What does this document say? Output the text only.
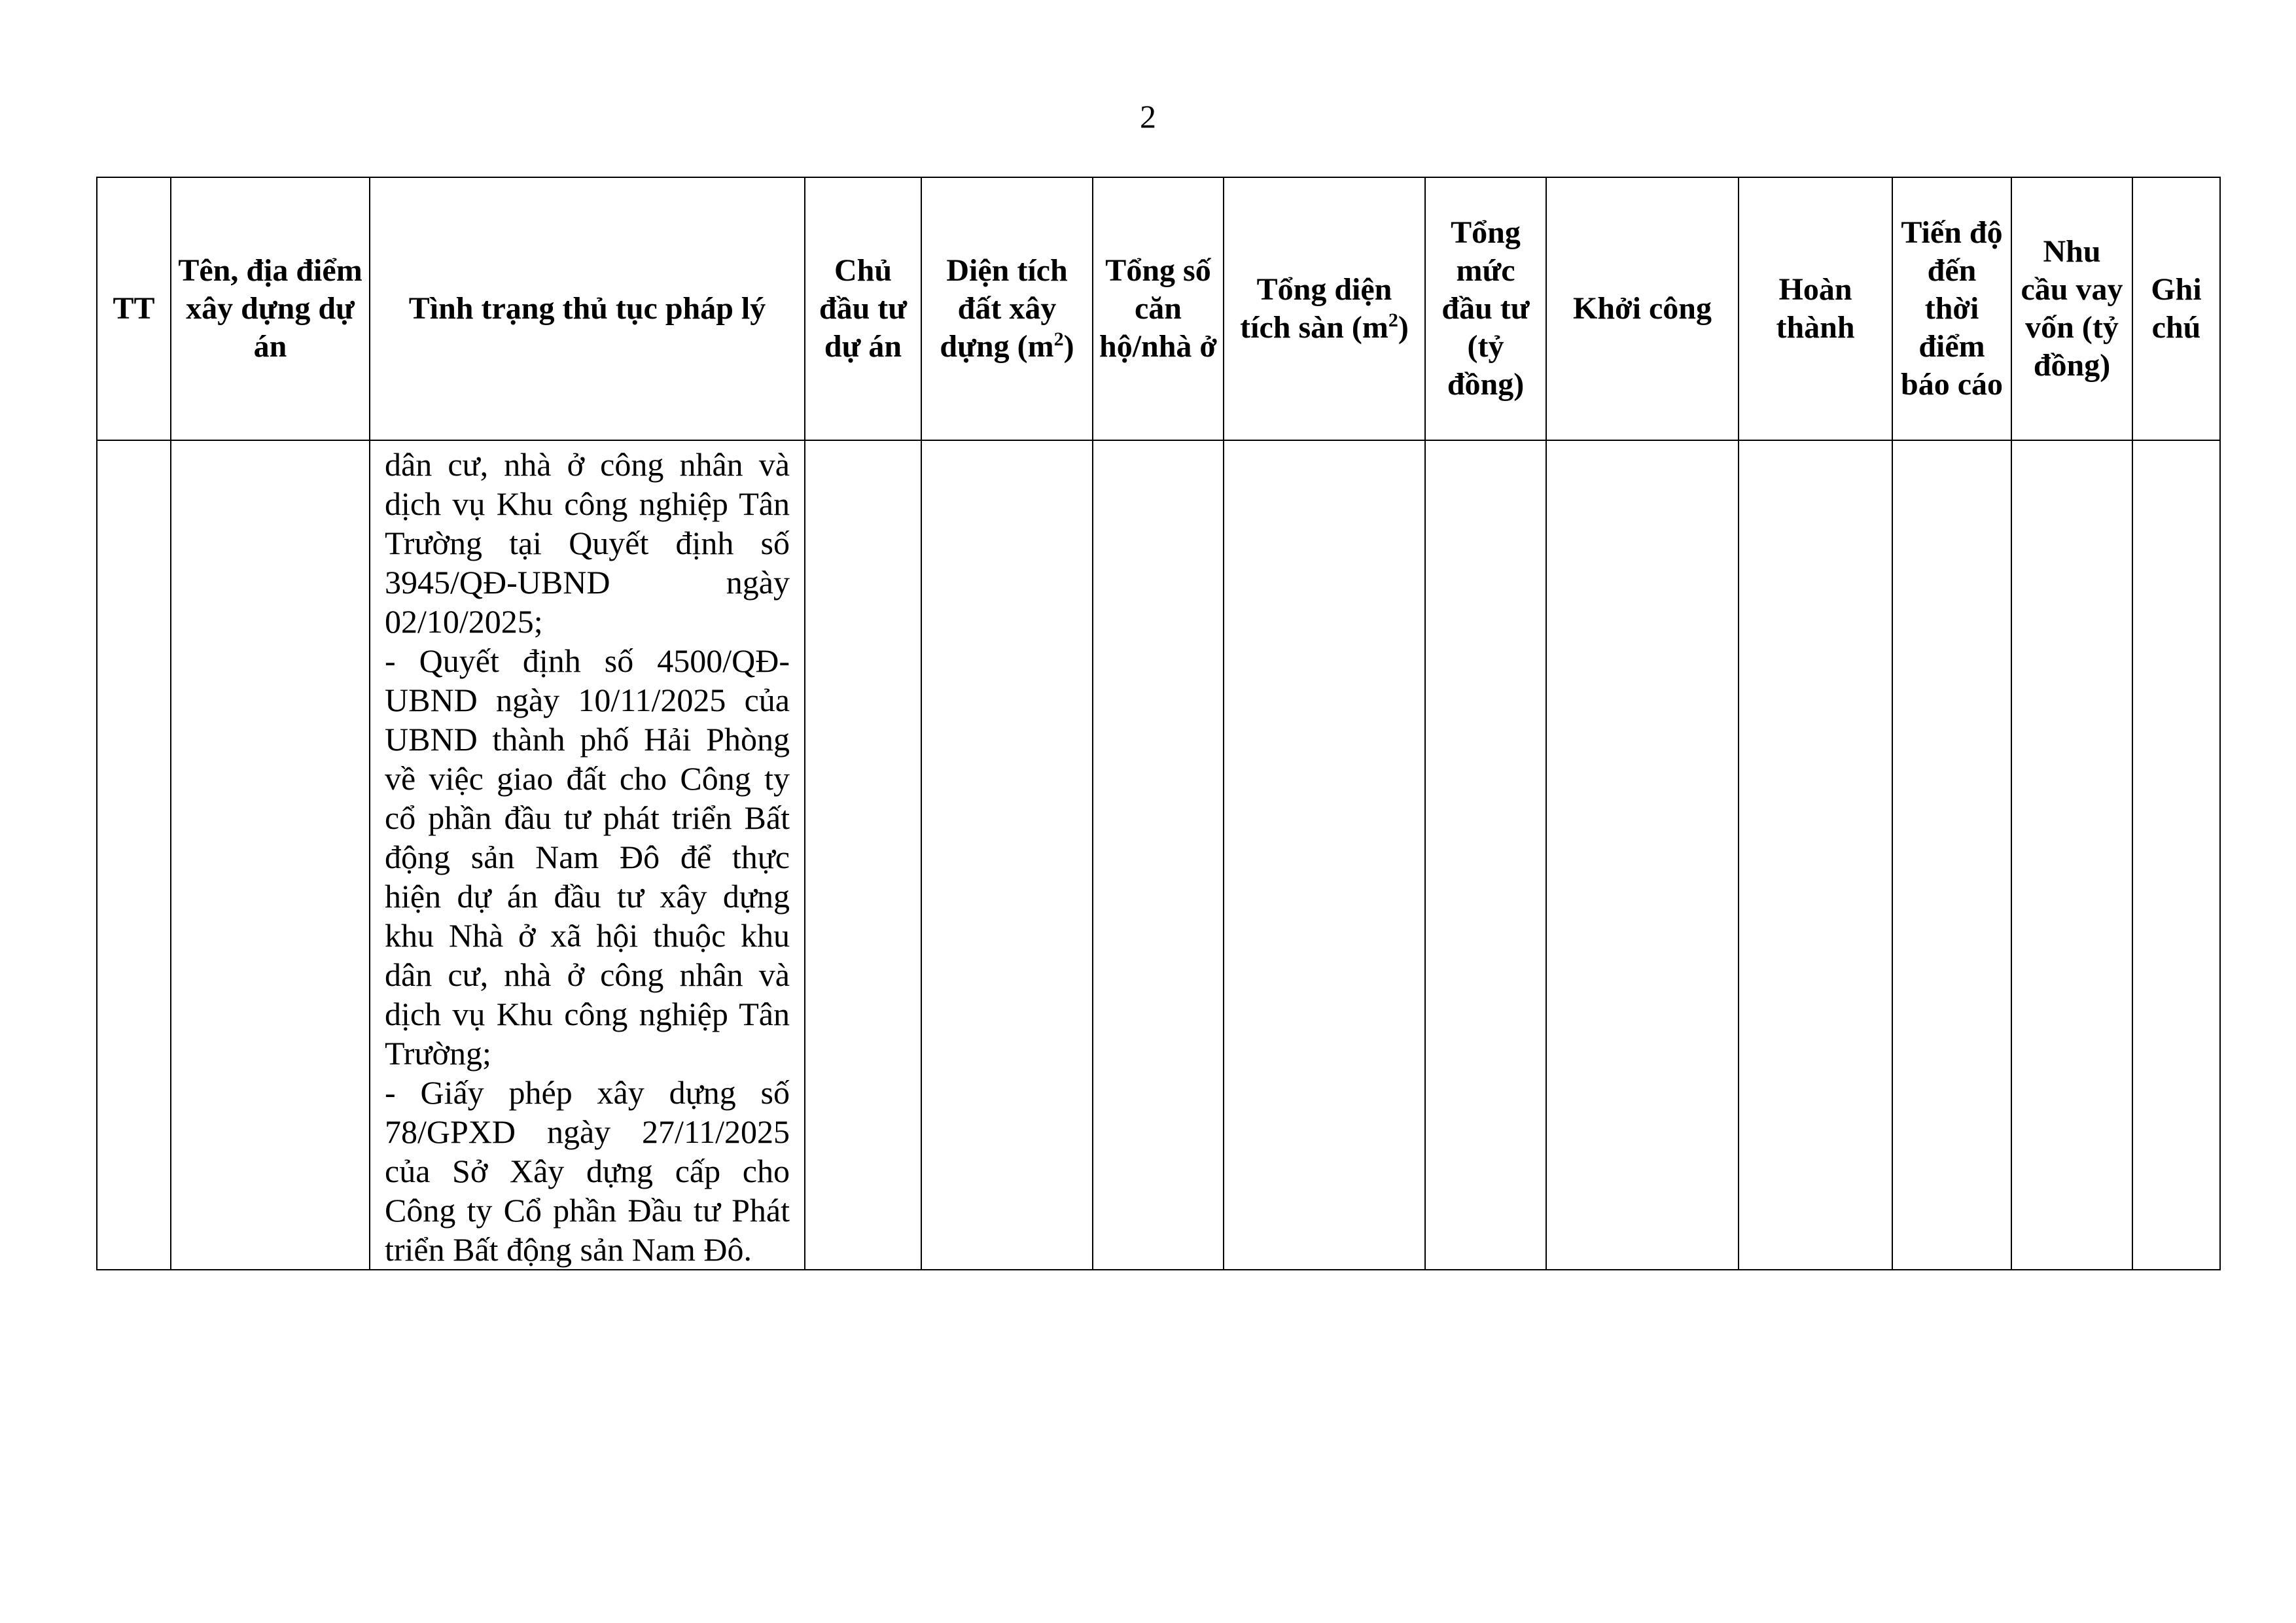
2
TT	Tên, địa điểm xây dựng dự án	Tình trạng thủ tục pháp lý	Chủ đầu tư dự án	Diện tích đất xây dựng $(m^2)$	Tổng số căn hộ/nhà ở	Tổng diện tích sàn $(m^2)$	Tổng mức đầu tư (tỷ đồng)	Khởi công	Hoàn thành	Tiến độ đến thời điểm báo cáo	Nhu cầu vay vốn (tỷ đồng)	Ghi chú

		dân cư, nhà ở công nhân và dịch vụ Khu công nghiệp Tân Trường tại Quyết định số 3945/QĐ-UBND ngày 02/10/2025;

- Quyết định số 4500/QĐ-UBND ngày 10/11/2025 của UBND thành phố Hải Phòng về việc giao đất cho Công ty cổ phần đầu tư phát triển Bất động sản Nam Đô để thực hiện dự án đầu tư xây dựng khu Nhà ở xã hội thuộc khu dân cư, nhà ở công nhân và dịch vụ Khu công nghiệp Tân Trường;

- Giấy phép xây dựng số 78/GPXD ngày 27/11/2025 của Sở Xây dựng cấp cho Công ty Cổ phần Đầu tư Phát triển Bất động sản Nam Đô.										
